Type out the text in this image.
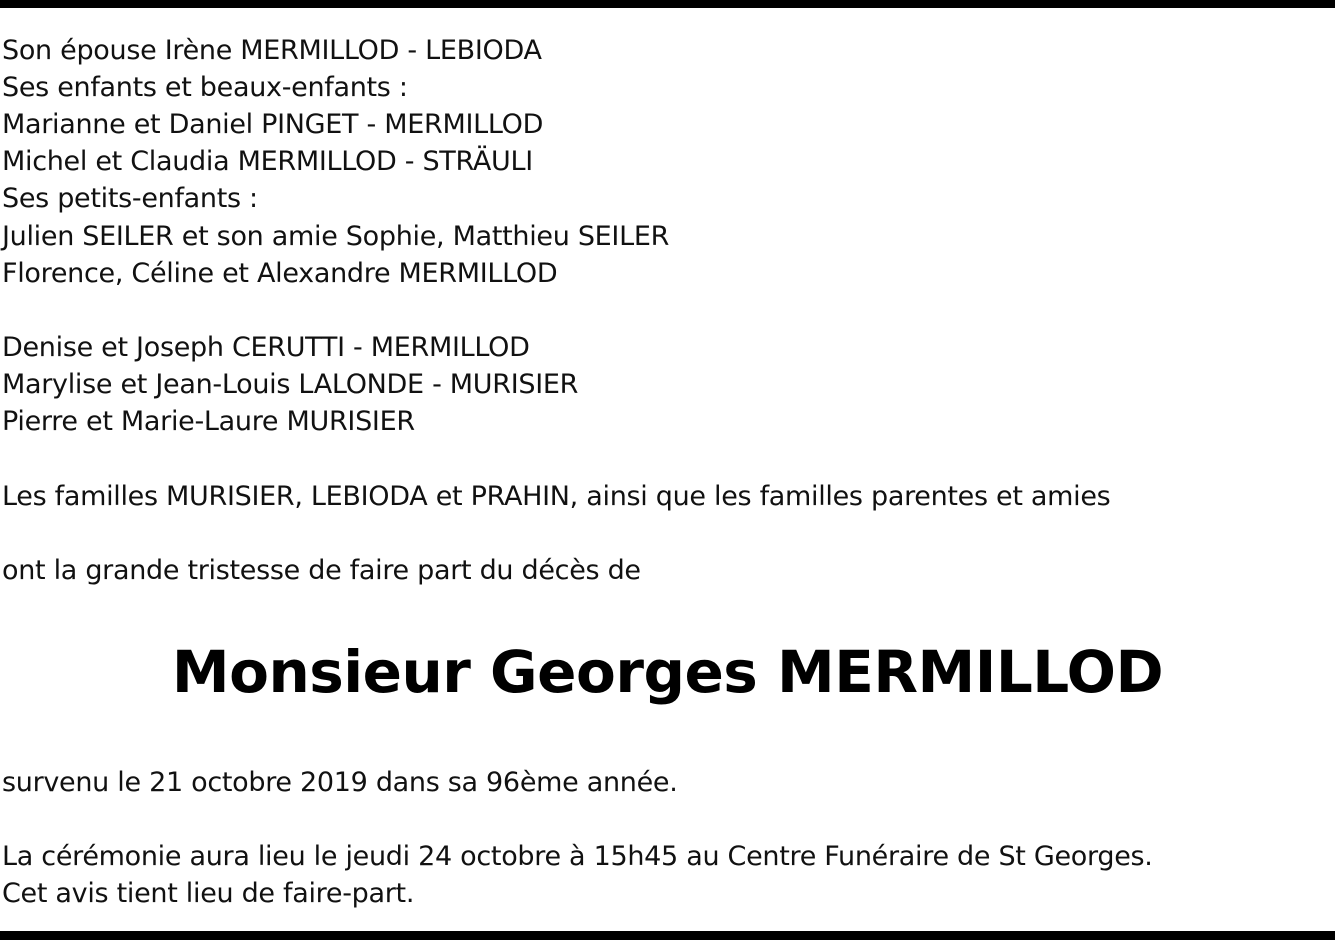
Son épouse Irène MERMILLOD - LEBIODA
Ses enfants et beaux-enfants :
Marianne et Daniel PINGET - MERMILLOD
Michel et Claudia MERMILLOD - STRÄULI
Ses petits-enfants :
Julien SEILER et son amie Sophie, Matthieu SEILER
Florence, Céline et Alexandre MERMILLOD
Denise et Joseph CERUTTI - MERMILLOD
Marylise et Jean-Louis LALONDE - MURISIER
Pierre et Marie-Laure MURISIER
Les familles MURISIER, LEBIODA et PRAHIN, ainsi que les familles parentes et amies
ont la grande tristesse de faire part du décès de
Monsieur Georges MERMILLOD
survenu le 21 octobre 2019 dans sa 96ème année.
La cérémonie aura lieu le jeudi 24 octobre à 15h45 au Centre Funéraire de St Georges.
Cet avis tient lieu de faire-part.
